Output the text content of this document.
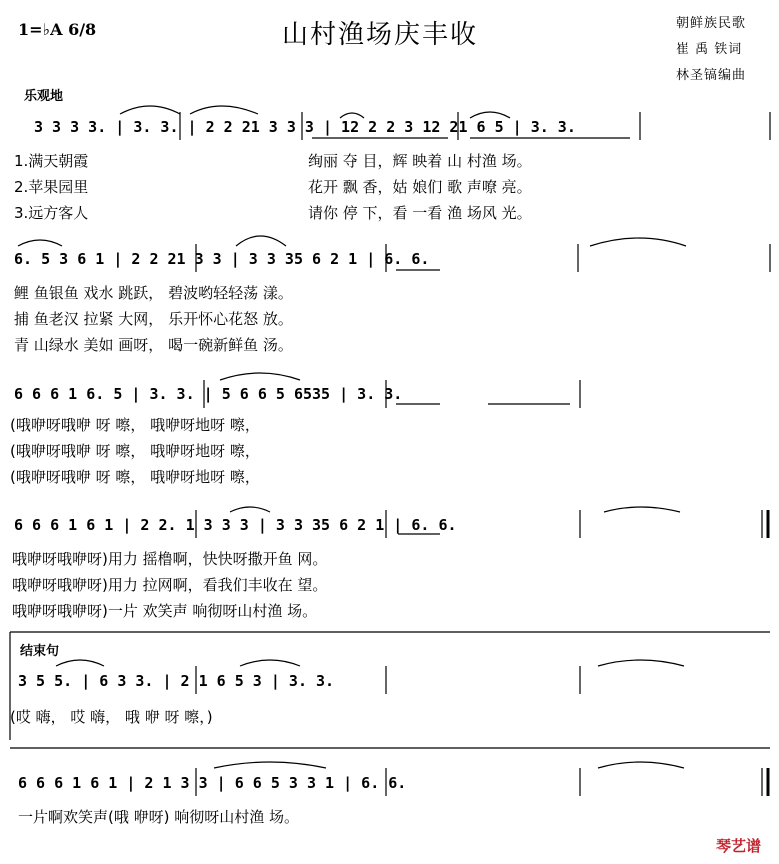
1=♭A 6/8	山村渔场庆丰收	朝鲜族民歌
崔 禹 铁词
林圣镐编曲
乐观地
3 3 3 3. | 3. 3. | 2 2 21 3 3 3 | 12 2 2 3 12 21 6 5 | 3. 3.
1.满天朝霞
2.苹果园里
3.远方客人
绚丽 夺 目，辉 映着 山 村渔 场。
花开 飘 香，姑 娘们 歌 声嘹 亮。
请你 停 下，看 一看 渔 场风 光。
6. 5 3 6 1 | 2 2 21 3 3 | 3 3 35 6 2 1 | 6. 6.
鲤 鱼银鱼 戏水 跳跃， 碧波哟轻轻荡 漾。
捕 鱼老汉 拉紧 大网， 乐开怀心花怒 放。
青 山绿水 美如 画呀， 喝一碗新鲜鱼 汤。
6 6 6 1 6. 5 | 3. 3. | 5 6 6 5 6535 | 3. 3.
(哦咿呀哦咿 呀 嚓， 哦咿呀地呀 嚓，
(哦咿呀哦咿 呀 嚓， 哦咿呀地呀 嚓，
(哦咿呀哦咿 呀 嚓， 哦咿呀地呀 嚓，
6 6 6 1 6 1 | 2 2. 1 3 3 3 | 3 3 35 6 2 1 | 6. 6.
哦咿呀哦咿呀)用力 摇橹啊，快快呀撒开鱼 网。
哦咿呀哦咿呀)用力 拉网啊，看我们丰收在 望。
哦咿呀哦咿呀)一片 欢笑声 响彻呀山村渔 场。
结束句
3 5 5. | 6 3 3. | 2 1 6 5 3 | 3. 3.
(哎 嗨， 哎 嗨， 哦 咿 呀 嚓，)
6 6 6 1 6 1 | 2 1 3 3 | 6 6 5 3 3 1 | 6. 6.
一片啊欢笑声(哦 咿呀) 响彻呀山村渔 场。
琴艺谱
